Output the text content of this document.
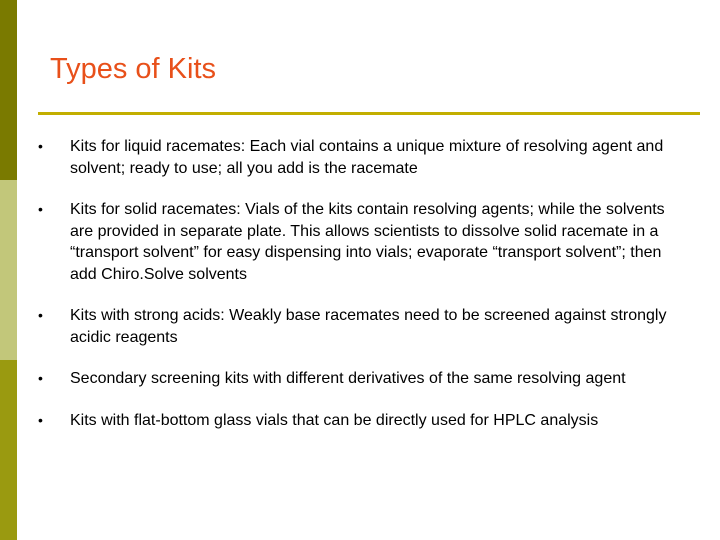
Types of Kits
• Kits for liquid racemates: Each vial contains a unique mixture of resolving agent and solvent; ready to use; all you add is the racemate
• Kits for solid racemates: Vials of the kits contain resolving agents; while the solvents are provided in separate plate. This allows scientists to dissolve solid racemate in a “transport solvent” for easy dispensing into vials; evaporate “transport solvent”; then add Chiro.Solve solvents
• Kits with strong acids: Weakly base racemates need to be screened against strongly acidic reagents
• Secondary screening kits with different derivatives of the same resolving agent
• Kits with flat-bottom glass vials that can be directly used for HPLC analysis
